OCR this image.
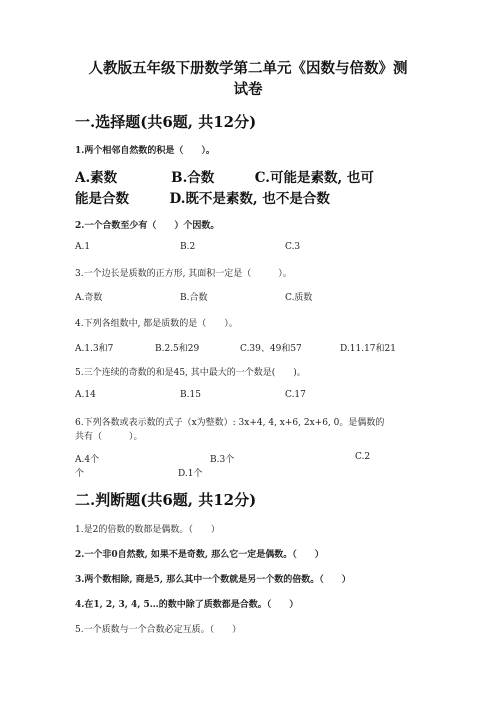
人教版五年级下册数学第二单元《因数与倍数》测
试卷
一.选择题(共6题, 共12分)
1.两个相邻自然数的积是（　　）。
A.素数　　　　B.合数　　　C.可能是素数, 也可
能是合数　　　D.既不是素数, 也不是合数
2.一个合数至少有（　　）个因数。
A.1	B.2	C.3
3.一个边长是质数的正方形, 其面积一定是（　　　）。
A.奇数	B.合数	C.质数
4.下列各组数中, 都是质数的是（　　）。
A.1.3和7	B.2.5和29	C.39、49和57	D.11.17和21
5.三个连续的奇数的和是45, 其中最大的一个数是(　　)。
A.14	B.15	C.17
6.下列各数或表示数的式子（x为整数）: 3x+4, 4, x+6, 2x+6, 0。是偶数的
共有（　　　）。
A.4个	B.3个	C.2
个	D.1个
二.判断题(共6题, 共12分)
1.是2的倍数的数都是偶数。（　　）
2.一个非0自然数, 如果不是奇数, 那么它一定是偶数。（　　）
3.两个数相除, 商是5, 那么其中一个数就是另一个数的倍数。（　　）
4.在1, 2, 3, 4, 5…的数中除了质数都是合数。（　　）
5.一个质数与一个合数必定互质。（　　）
